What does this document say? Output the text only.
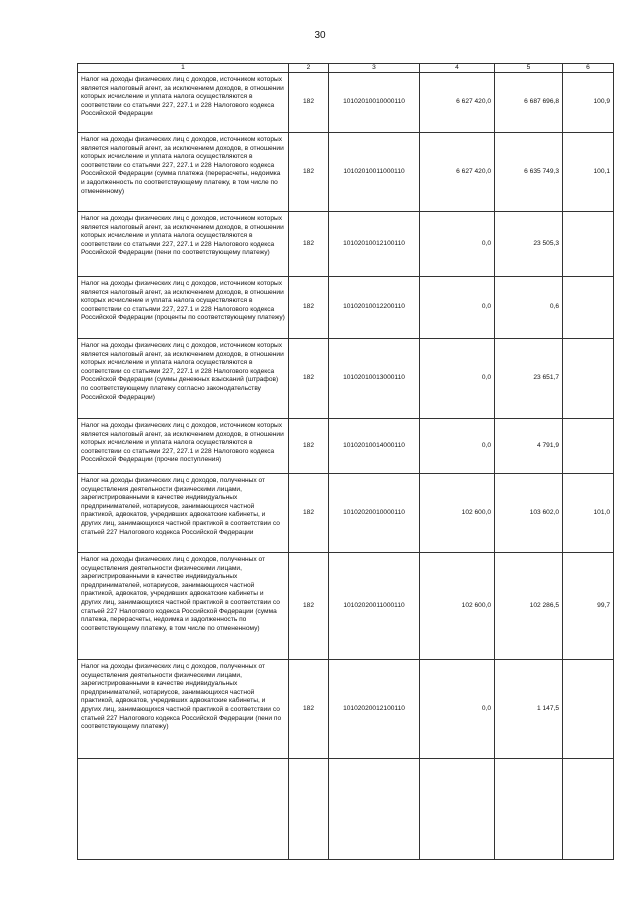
30
1	2	3	4	5	6
Налог на доходы физических лиц с доходов, источником которых является налоговый агент, за исключением доходов, в отношении которых исчисление и уплата налога осуществляются в соответствии со статьями 227, 227.1 и 228 Налогового кодекса Российской Федерации	182	10102010010000110	6 627 420,0	6 687 696,8	100,9
Налог на доходы физических лиц с доходов, источником которых является налоговый агент, за исключением доходов, в отношении которых исчисление и уплата налога осуществляются в соответствии со статьями 227, 227.1 и 228 Налогового кодекса Российской Федерации (сумма платежа (перерасчеты, недоимка и задолженность по соответствующему платежу, в том числе по отмененному)	182	10102010011000110	6 627 420,0	6 635 749,3	100,1
Налог на доходы физических лиц с доходов, источником которых является налоговый агент, за исключением доходов, в отношении которых исчисление и уплата налога осуществляются в соответствии со статьями 227, 227.1 и 228 Налогового кодекса Российской Федерации (пени по соответствующему платежу)	182	10102010012100110	0,0	23 505,3	
Налог на доходы физических лиц с доходов, источником которых является налоговый агент, за исключением доходов, в отношении которых исчисление и уплата налога осуществляются в соответствии со статьями 227, 227.1 и 228 Налогового кодекса Российской Федерации (проценты по соответствующему платежу)	182	10102010012200110	0,0	0,6	
Налог на доходы физических лиц с доходов, источником которых является налоговый агент, за исключением доходов, в отношении которых исчисление и уплата налога осуществляются в соответствии со статьями 227, 227.1 и 228 Налогового кодекса Российской Федерации (суммы денежных взысканий (штрафов) по соответствующему платежу согласно законодательству Российской Федерации)	182	10102010013000110	0,0	23 651,7	
Налог на доходы физических лиц с доходов, источником которых является налоговый агент, за исключением доходов, в отношении которых исчисление и уплата налога осуществляются в соответствии со статьями 227, 227.1 и 228 Налогового кодекса Российской Федерации (прочие поступления)	182	10102010014000110	0,0	4 791,9	
Налог на доходы физических лиц с доходов, полученных от осуществления деятельности физическими лицами, зарегистрированными в качестве индивидуальных предпринимателей, нотариусов, занимающихся частной практикой, адвокатов, учредивших адвокатские кабинеты, и других лиц, занимающихся частной практикой в соответствии со статьей 227 Налогового кодекса Российской Федерации	182	10102020010000110	102 600,0	103 602,0	101,0
Налог на доходы физических лиц с доходов, полученных от осуществления деятельности физическими лицами, зарегистрированными в качестве индивидуальных предпринимателей, нотариусов, занимающихся частной практикой, адвокатов, учредивших адвокатские кабинеты и других лиц, занимающихся частной практикой в соответствии со статьей 227 Налогового кодекса Российской Федерации (сумма платежа, перерасчеты, недоимка и задолженность по соответствующему платежу, в том числе по отмененному)	182	10102020011000110	102 600,0	102 286,5	99,7
Налог на доходы физических лиц с доходов, полученных от осуществления деятельности физическими лицами, зарегистрированными в качестве индивидуальных предпринимателей, нотариусов, занимающихся частной практикой, адвокатов, учредивших адвокатские кабинеты, и других лиц, занимающихся частной практикой в соответствии со статьей 227 Налогового кодекса Российской Федерации (пени по соответствующему платежу)	182	10102020012100110	0,0	1 147,5	
